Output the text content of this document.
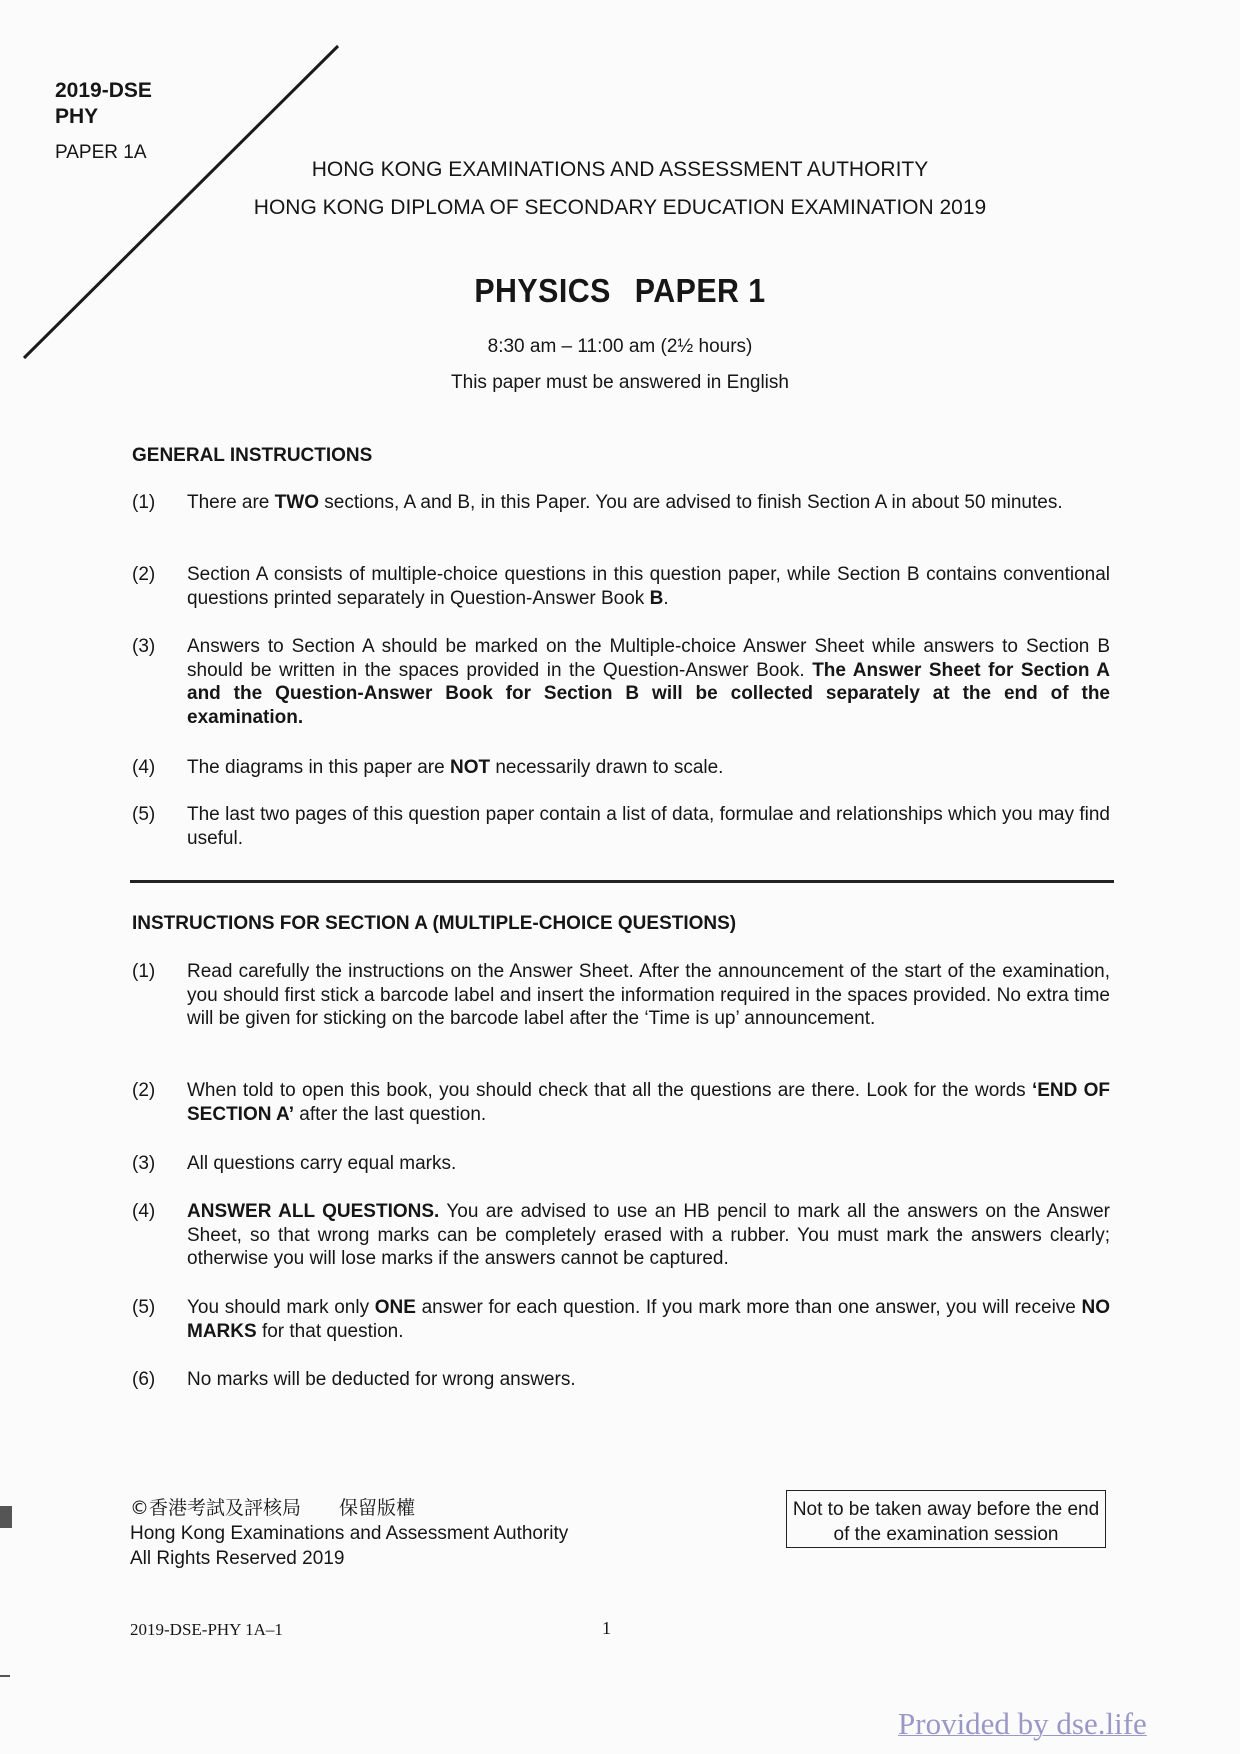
2019-DSE
PHY
PAPER 1A
HONG KONG EXAMINATIONS AND ASSESSMENT AUTHORITY
HONG KONG DIPLOMA OF SECONDARY EDUCATION EXAMINATION 2019
PHYSICS PAPER 1
8:30 am – 11:00 am (2½ hours)
This paper must be answered in English
GENERAL INSTRUCTIONS
(1)	There are TWO sections, A and B, in this Paper. You are advised to finish Section A in about 50 minutes.
(2)	Section A consists of multiple-choice questions in this question paper, while Section B contains conventional questions printed separately in Question-Answer Book B.
(3)	Answers to Section A should be marked on the Multiple-choice Answer Sheet while answers to Section B should be written in the spaces provided in the Question-Answer Book. The Answer Sheet for Section A and the Question-Answer Book for Section B will be collected separately at the end of the examination.
(4)	The diagrams in this paper are NOT necessarily drawn to scale.
(5)	The last two pages of this question paper contain a list of data, formulae and relationships which you may find useful.
INSTRUCTIONS FOR SECTION A (MULTIPLE-CHOICE QUESTIONS)
(1)	Read carefully the instructions on the Answer Sheet. After the announcement of the start of the examination, you should first stick a barcode label and insert the information required in the spaces provided. No extra time will be given for sticking on the barcode label after the ‘Time is up’ announcement.
(2)	When told to open this book, you should check that all the questions are there. Look for the words ‘END OF SECTION A’ after the last question.
(3)	All questions carry equal marks.
(4)	ANSWER ALL QUESTIONS. You are advised to use an HB pencil to mark all the answers on the Answer Sheet, so that wrong marks can be completely erased with a rubber. You must mark the answers clearly; otherwise you will lose marks if the answers cannot be captured.
(5)	You should mark only ONE answer for each question. If you mark more than one answer, you will receive NO MARKS for that question.
(6)	No marks will be deducted for wrong answers.
©香港考試及評核局　　保留版權
Hong Kong Examinations and Assessment Authority
All Rights Reserved 2019
Not to be taken away before the end of the examination session
2019-DSE-PHY 1A–1	1
Provided by dse.life
